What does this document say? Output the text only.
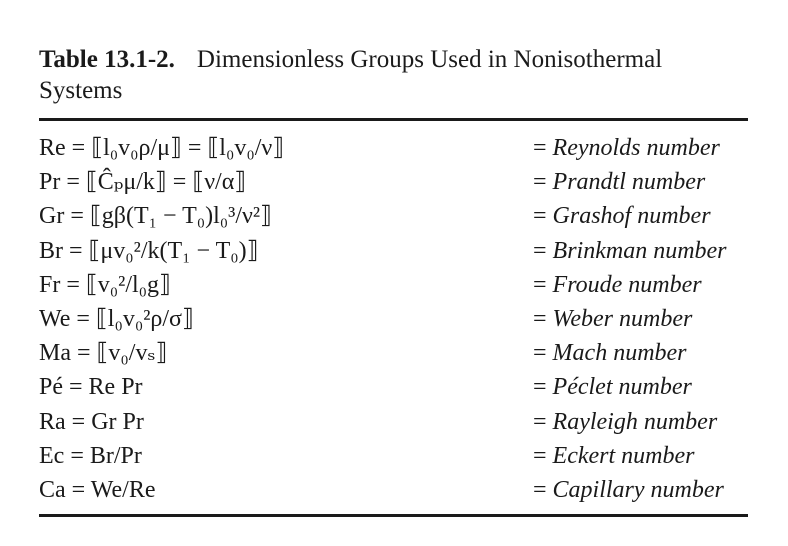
Table 13.1-2. Dimensionless Groups Used in Nonisothermal Systems
Re = ⟦l₀v₀ρ/μ⟧ = ⟦l₀v₀/ν⟧	= Reynolds number
Pr = ⟦Ĉₚμ/k⟧ = ⟦ν/α⟧	= Prandtl number
Gr = ⟦gβ(T₁ − T₀)l₀³/ν²⟧	= Grashof number
Br = ⟦μv₀²/k(T₁ − T₀)⟧	= Brinkman number
Fr = ⟦v₀²/l₀g⟧	= Froude number
We = ⟦l₀v₀²ρ/σ⟧	= Weber number
Ma = ⟦v₀/vₛ⟧	= Mach number
Pé = Re Pr	= Péclet number
Ra = Gr Pr	= Rayleigh number
Ec = Br/Pr	= Eckert number
Ca = We/Re	= Capillary number
